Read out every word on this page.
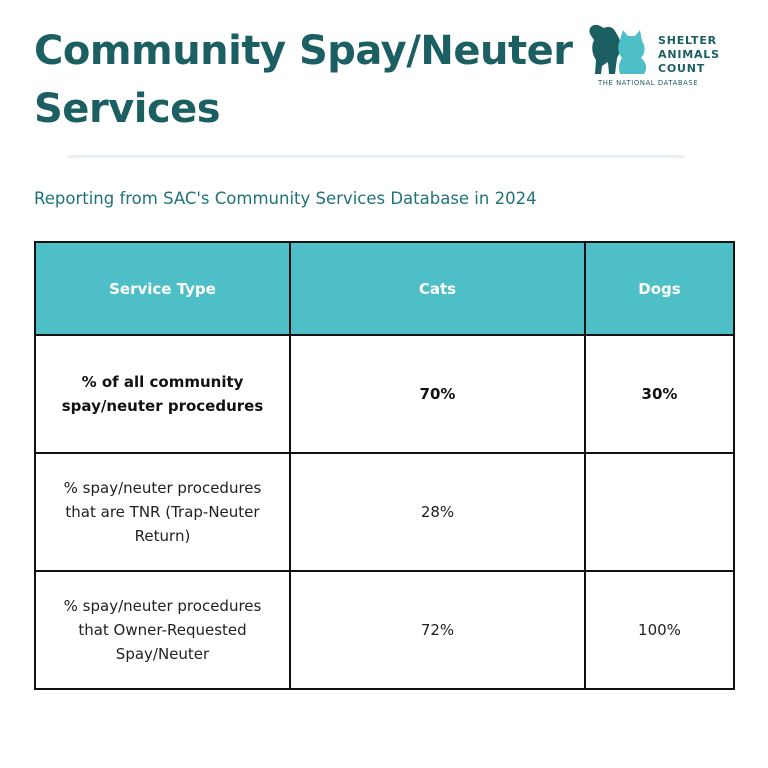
Community Spay/Neuter
Services
SHELTER
ANIMALS
COUNT
THE NATIONAL DATABASE

Reporting from SAC's Community Services Database in 2024

Service Type	Cats	Dogs
% of all community spay/neuter procedures	70%	30%
% spay/neuter procedures that are TNR (Trap-Neuter Return)	28%	
% spay/neuter procedures that Owner-Requested Spay/Neuter	72%	100%
